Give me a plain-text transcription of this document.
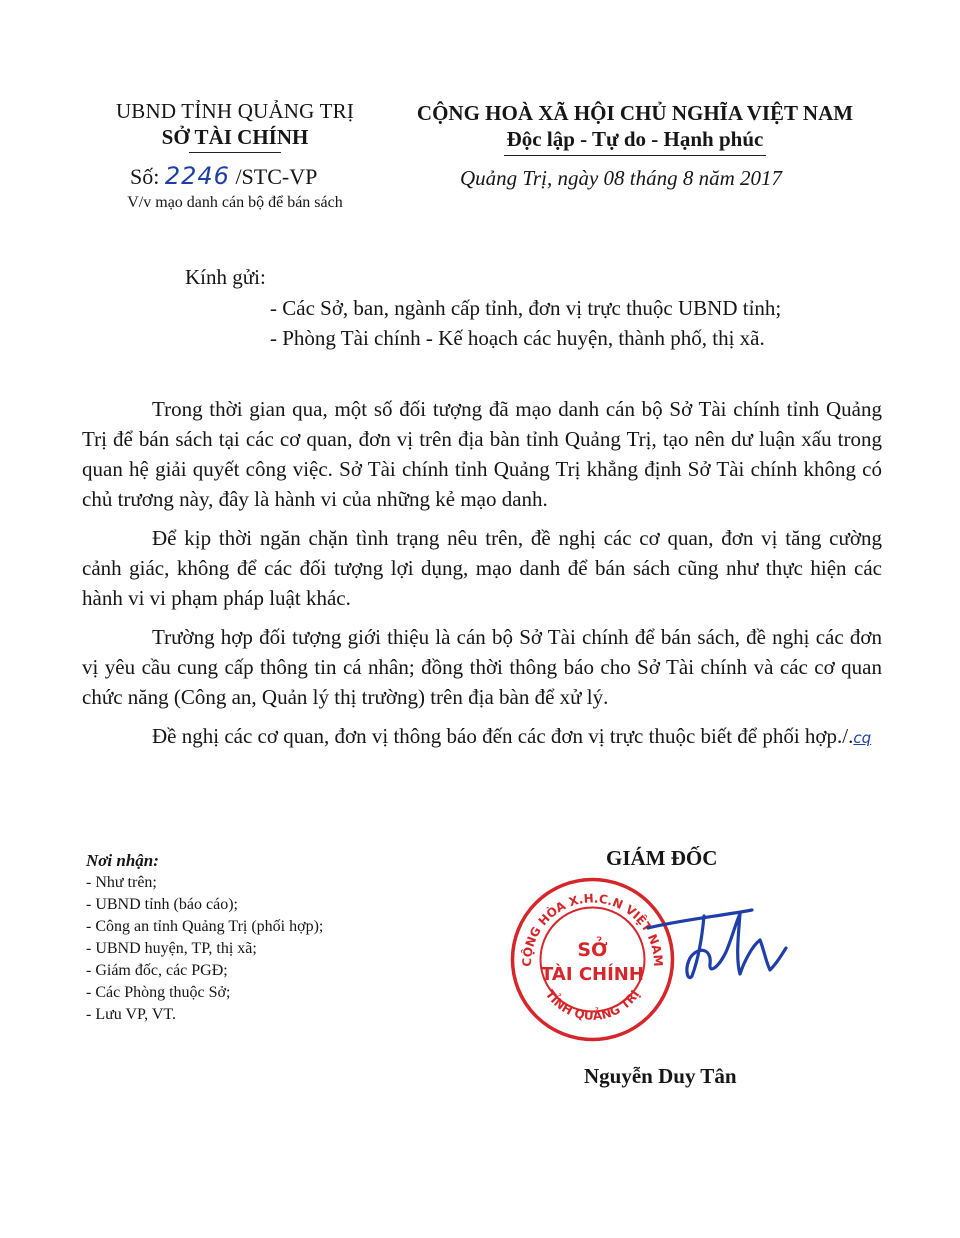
UBND TỈNH QUẢNG TRỊ
SỞ TÀI CHÍNH
Số: 2246 /STC-VP
V/v mạo danh cán bộ để bán sách
CỘNG HOÀ XÃ HỘI CHỦ NGHĨA VIỆT NAM
Độc lập - Tự do - Hạnh phúc
Quảng Trị, ngày 08 tháng 8 năm 2017
Kính gửi:
- Các Sở, ban, ngành cấp tỉnh, đơn vị trực thuộc UBND tỉnh;
- Phòng Tài chính - Kế hoạch các huyện, thành phố, thị xã.

Trong thời gian qua, một số đối tượng đã mạo danh cán bộ Sở Tài chính tỉnh Quảng Trị để bán sách tại các cơ quan, đơn vị trên địa bàn tỉnh Quảng Trị, tạo nên dư luận xấu trong quan hệ giải quyết công việc. Sở Tài chính tỉnh Quảng Trị khẳng định Sở Tài chính không có chủ trương này, đây là hành vi của những kẻ mạo danh.

Để kịp thời ngăn chặn tình trạng nêu trên, đề nghị các cơ quan, đơn vị tăng cường cảnh giác, không để các đối tượng lợi dụng, mạo danh để bán sách cũng như thực hiện các hành vi vi phạm pháp luật khác.

Trường hợp đối tượng giới thiệu là cán bộ Sở Tài chính để bán sách, đề nghị các đơn vị yêu cầu cung cấp thông tin cá nhân; đồng thời thông báo cho Sở Tài chính và các cơ quan chức năng (Công an, Quản lý thị trường) trên địa bàn để xử lý.

Đề nghị các cơ quan, đơn vị thông báo đến các đơn vị trực thuộc biết để phối hợp./.cq

Nơi nhận:
- Như trên;
- UBND tỉnh (báo cáo);
- Công an tỉnh Quảng Trị (phối hợp);
- UBND huyện, TP, thị xã;
- Giám đốc, các PGĐ;
- Các Phòng thuộc Sở;
- Lưu VP, VT.
GIÁM ĐỐC
CỘNG HÒA X.H.C.N VIỆT NAM
TỈNH QUẢNG TRỊ
SỞ
TÀI CHÍNH
Nguyễn Duy Tân
